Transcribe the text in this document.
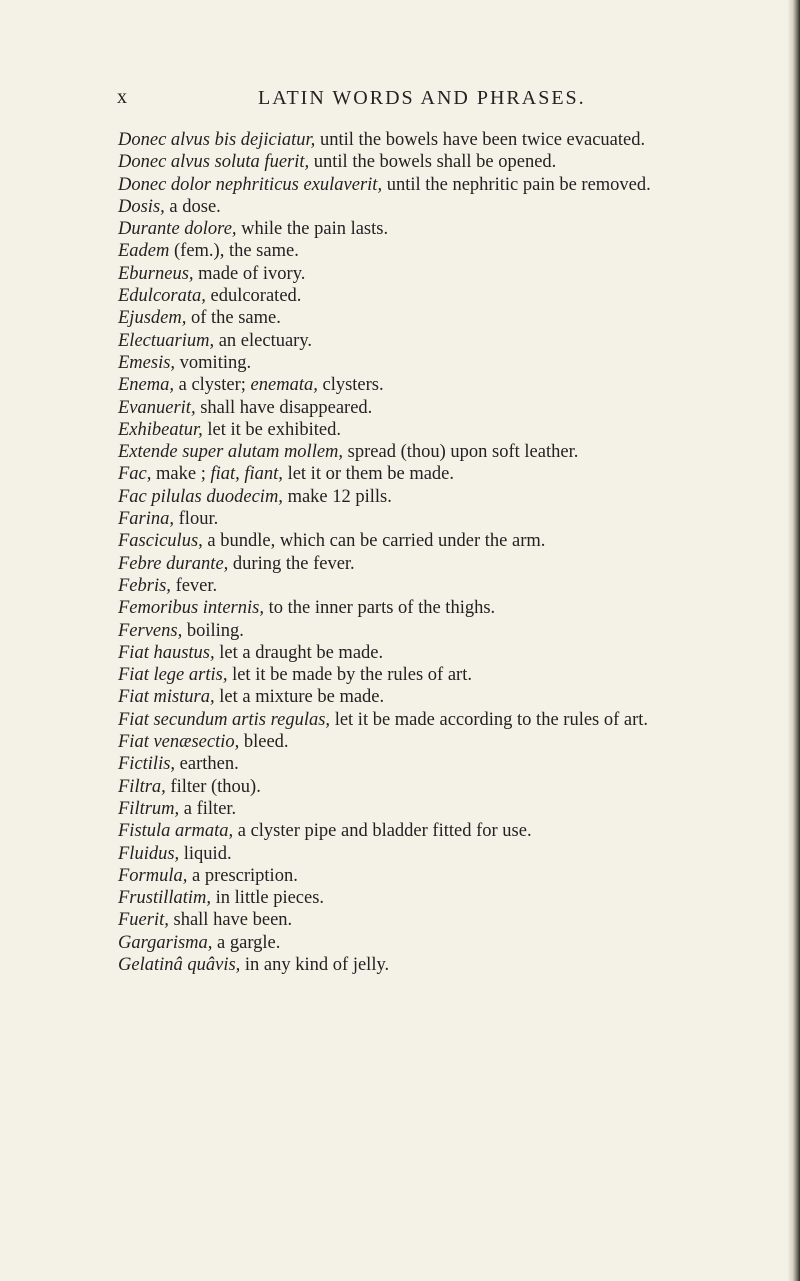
x	LATIN WORDS AND PHRASES.
Donec alvus bis dejiciatur, until the bowels have been twice evacuated.
Donec alvus soluta fuerit, until the bowels shall be opened.
Donec dolor nephriticus exulaverit, until the nephritic pain be removed.
Dosis, a dose.
Durante dolore, while the pain lasts.
Eadem (fem.), the same.
Eburneus, made of ivory.
Edulcorata, edulcorated.
Ejusdem, of the same.
Electuarium, an electuary.
Emesis, vomiting.
Enema, a clyster; enemata, clysters.
Evanuerit, shall have disappeared.
Exhibeatur, let it be exhibited.
Extende super alutam mollem, spread (thou) upon soft leather.
Fac, make ; fiat, fiant, let it or them be made.
Fac pilulas duodecim, make 12 pills.
Farina, flour.
Fasciculus, a bundle, which can be carried under the arm.
Febre durante, during the fever.
Febris, fever.
Femoribus internis, to the inner parts of the thighs.
Fervens, boiling.
Fiat haustus, let a draught be made.
Fiat lege artis, let it be made by the rules of art.
Fiat mistura, let a mixture be made.
Fiat secundum artis regulas, let it be made according to the rules of art.
Fiat venæsectio, bleed.
Fictilis, earthen.
Filtra, filter (thou).
Filtrum, a filter.
Fistula armata, a clyster pipe and bladder fitted for use.
Fluidus, liquid.
Formula, a prescription.
Frustillatim, in little pieces.
Fuerit, shall have been.
Gargarisma, a gargle.
Gelatinâ quâvis, in any kind of jelly.
